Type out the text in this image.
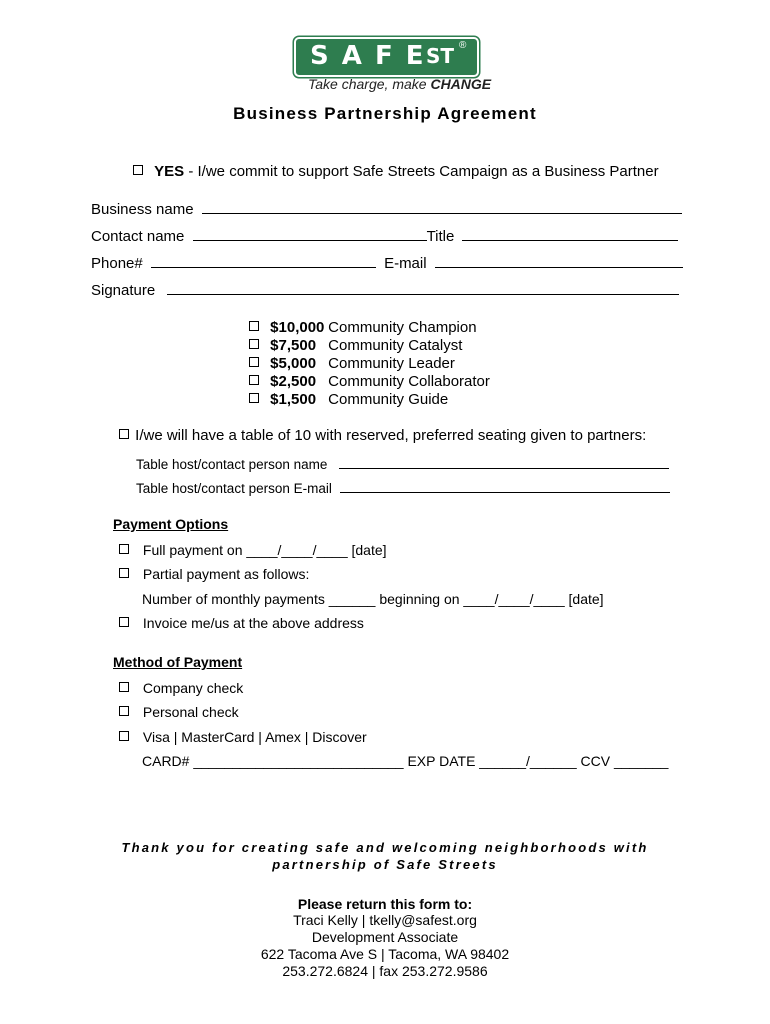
S A F E ST ®
Take charge, make CHANGE
Business Partnership Agreement
YES - I/we commit to support Safe Streets Campaign as a Business Partner
Business name
Contact name	Title
Phone#	E-mail
Signature
$10,000 Community Champion
$7,500 Community Catalyst
$5,000 Community Leader
$2,500 Community Collaborator
$1,500 Community Guide
I/we will have a table of 10 with reserved, preferred seating given to partners:
Table host/contact person name
Table host/contact person E-mail
Payment Options
Full payment on ____/____/____ [date]
Partial payment as follows:
Number of monthly payments ______ beginning on ____/____/____ [date]
Invoice me/us at the above address
Method of Payment
Company check
Personal check
Visa | MasterCard | Amex | Discover
CARD# ___________________________ EXP DATE ______/______ CCV _______
Thank you for creating safe and welcoming neighborhoods with
partnership of Safe Streets
Please return this form to:
Traci Kelly | tkelly@safest.org
Development Associate
622 Tacoma Ave S | Tacoma, WA 98402
253.272.6824 | fax 253.272.9586
